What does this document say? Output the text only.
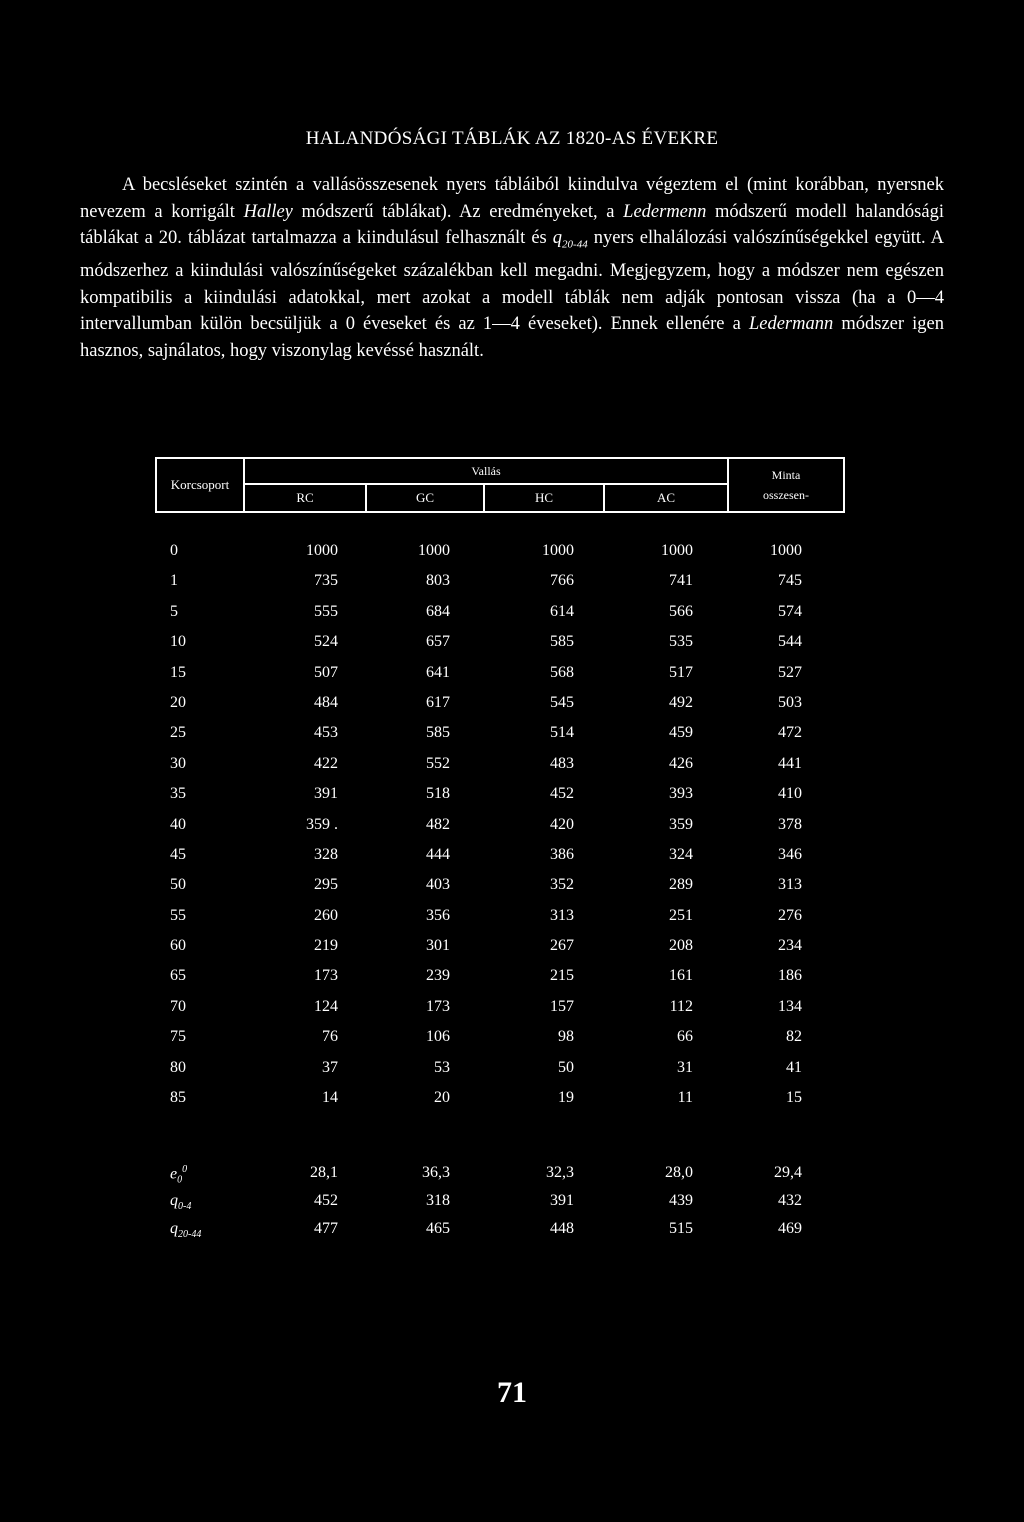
HALANDÓSÁGI TÁBLÁK AZ 1820-AS ÉVEKRE
A becsléseket szintén a vallásösszesenek nyers tábláiból kiindulva végeztem el (mint korábban, nyersnek nevezem a korrigált Halley módszerű táblákat). Az eredményeket, a Ledermenn módszerű modell halandósági táblákat a 20. táblázat tartalmazza a kiindulásul felhasznált és $q_{20-44}$ nyers elhalálozási valószínűségekkel együtt. A módszerhez a kiindulási valószínűségeket százalékban kell megadni. Megjegyzem, hogy a módszer nem egészen kompatibilis a kiindulási adatokkal, mert azokat a modell táblák nem adják pontosan vissza (ha a 0—4 intervallumban külön becsüljük a 0 éveseket és az 1—4 éveseket). Ennek ellenére a Ledermann módszer igen hasznos, sajnálatos, hogy viszonylag kevéssé használt.
Korcsoport
Vallás
RC	GC	HC	AC
Minta
osszesen-
0	1000	1000	1000	1000	1000
1	735	803	766	741	745
5	555	684	614	566	574
10	524	657	585	535	544
15	507	641	568	517	527
20	484	617	545	492	503
25	453	585	514	459	472
30	422	552	483	426	441
35	391	518	452	393	410
40	359 .	482	420	359	378
45	328	444	386	324	346
50	295	403	352	289	313
55	260	356	313	251	276
60	219	301	267	208	234
65	173	239	215	161	186
70	124	173	157	112	134
75	76	106	98	66	82
80	37	53	50	31	41
85	14	20	19	11	15
$e_0^0$	28,1	36,3	32,3	28,0	29,4
$q_{0-4}$	452	318	391	439	432
$q_{20-44}$	477	465	448	515	469
71
